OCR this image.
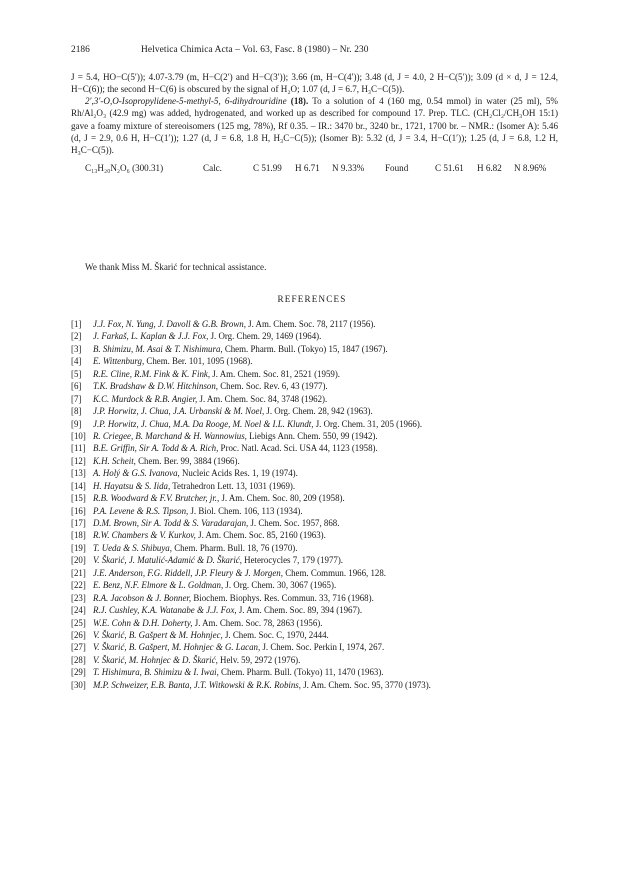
2186	Helvetica Chimica Acta – Vol. 63, Fasc. 8 (1980) – Nr. 230

J = 5.4, HO−C(5′)); 4.07-3.79 (m, H−C(2′) and H−C(3′)); 3.66 (m, H−C(4′)); 3.48 (d, J = 4.0, 2 H−C(5′)); 3.09 (d × d, J = 12.4, H−C(6)); the second H−C(6) is obscured by the signal of H₂O; 1.07 (d, J = 6.7, H₃C−C(5)).

2′,3′-O,O-Isopropylidene-5-methyl-5, 6-dihydrouridine (18). To a solution of 4 (160 mg, 0.54 mmol) in water (25 ml), 5% Rh/Al₂O₃ (42.9 mg) was added, hydrogenated, and worked up as described for compound 17. Prep. TLC. (CH₂Cl₂/CH₃OH 15:1) gave a foamy mixture of stereoisomers (125 mg, 78%), Rf 0.35. – IR.: 3470 br., 3240 br., 1721, 1700 br. – NMR.: (Isomer A): 5.46 (d, J = 2.9, 0.6 H, H−C(1′)); 1.27 (d, J = 6.8, 1.8 H, H₃C−C(5)); (Isomer B): 5.32 (d, J = 3.4, H−C(1′)); 1.25 (d, J = 6.8, 1.2 H, H₃C−C(5)).

C₁₃H₂₀N₂O₆ (300.31)	Calc.	C 51.99	H 6.71	N 9.33%	Found	C 51.61	H 6.82	N 8.96%

We thank Miss M. Škarić for technical assistance.
REFERENCES
[1]	J.J. Fox, N. Yung, J. Davoll & G.B. Brown, J. Am. Chem. Soc. 78, 2117 (1956).
[2]	J. Farkaš, L. Kaplan & J.J. Fox, J. Org. Chem. 29, 1469 (1964).
[3]	B. Shimizu, M. Asai & T. Nishimura, Chem. Pharm. Bull. (Tokyo) 15, 1847 (1967).
[4]	E. Wittenburg, Chem. Ber. 101, 1095 (1968).
[5]	R.E. Cline, R.M. Fink & K. Fink, J. Am. Chem. Soc. 81, 2521 (1959).
[6]	T.K. Bradshaw & D.W. Hitchinson, Chem. Soc. Rev. 6, 43 (1977).
[7]	K.C. Murdock & R.B. Angier, J. Am. Chem. Soc. 84, 3748 (1962).
[8]	J.P. Horwitz, J. Chua, J.A. Urbanski & M. Noel, J. Org. Chem. 28, 942 (1963).
[9]	J.P. Horwitz, J. Chua, M.A. Da Rooge, M. Noel & I.L. Klundt, J. Org. Chem. 31, 205 (1966).
[10] R. Criegee, B. Marchand & H. Wannowius, Liebigs Ann. Chem. 550, 99 (1942).
[11] B.E. Griffin, Sir A. Todd & A. Rich, Proc. Natl. Acad. Sci. USA 44, 1123 (1958).
[12] K.H. Scheit, Chem. Ber. 99, 3884 (1966).
[13] A. Holý & G.S. Ivanova, Nucleic Acids Res. 1, 19 (1974).
[14] H. Hayatsu & S. Iida, Tetrahedron Lett. 13, 1031 (1969).
[15] R.B. Woodward & F.V. Brutcher, jr., J. Am. Chem. Soc. 80, 209 (1958).
[16] P.A. Levene & R.S. Tipson, J. Biol. Chem. 106, 113 (1934).
[17] D.M. Brown, Sir A. Todd & S. Varadarajan, J. Chem. Soc. 1957, 868.
[18] R.W. Chambers & V. Kurkov, J. Am. Chem. Soc. 85, 2160 (1963).
[19] T. Ueda & S. Shibuya, Chem. Pharm. Bull. 18, 76 (1970).
[20] V. Škarić, J. Matulić-Adamić & D. Škarić, Heterocycles 7, 179 (1977).
[21] J.E. Anderson, F.G. Riddell, J.P. Fleury & J. Morgen, Chem. Commun. 1966, 128.
[22] E. Benz, N.F. Elmore & L. Goldman, J. Org. Chem. 30, 3067 (1965).
[23] R.A. Jacobson & J. Bonner, Biochem. Biophys. Res. Commun. 33, 716 (1968).
[24] R.J. Cushley, K.A. Watanabe & J.J. Fox, J. Am. Chem. Soc. 89, 394 (1967).
[25] W.E. Cohn & D.H. Doherty, J. Am. Chem. Soc. 78, 2863 (1956).
[26] V. Škarić, B. Gašpert & M. Hohnjec, J. Chem. Soc. C, 1970, 2444.
[27] V. Škarić, B. Gašpert, M. Hohnjec & G. Lacan, J. Chem. Soc. Perkin I, 1974, 267.
[28] V. Škarić, M. Hohnjec & D. Škarić, Helv. 59, 2972 (1976).
[29] T. Hishimura, B. Shimizu & I. Iwai, Chem. Pharm. Bull. (Tokyo) 11, 1470 (1963).
[30] M.P. Schweizer, E.B. Banta, J.T. Witkowski & R.K. Robins, J. Am. Chem. Soc. 95, 3770 (1973).
